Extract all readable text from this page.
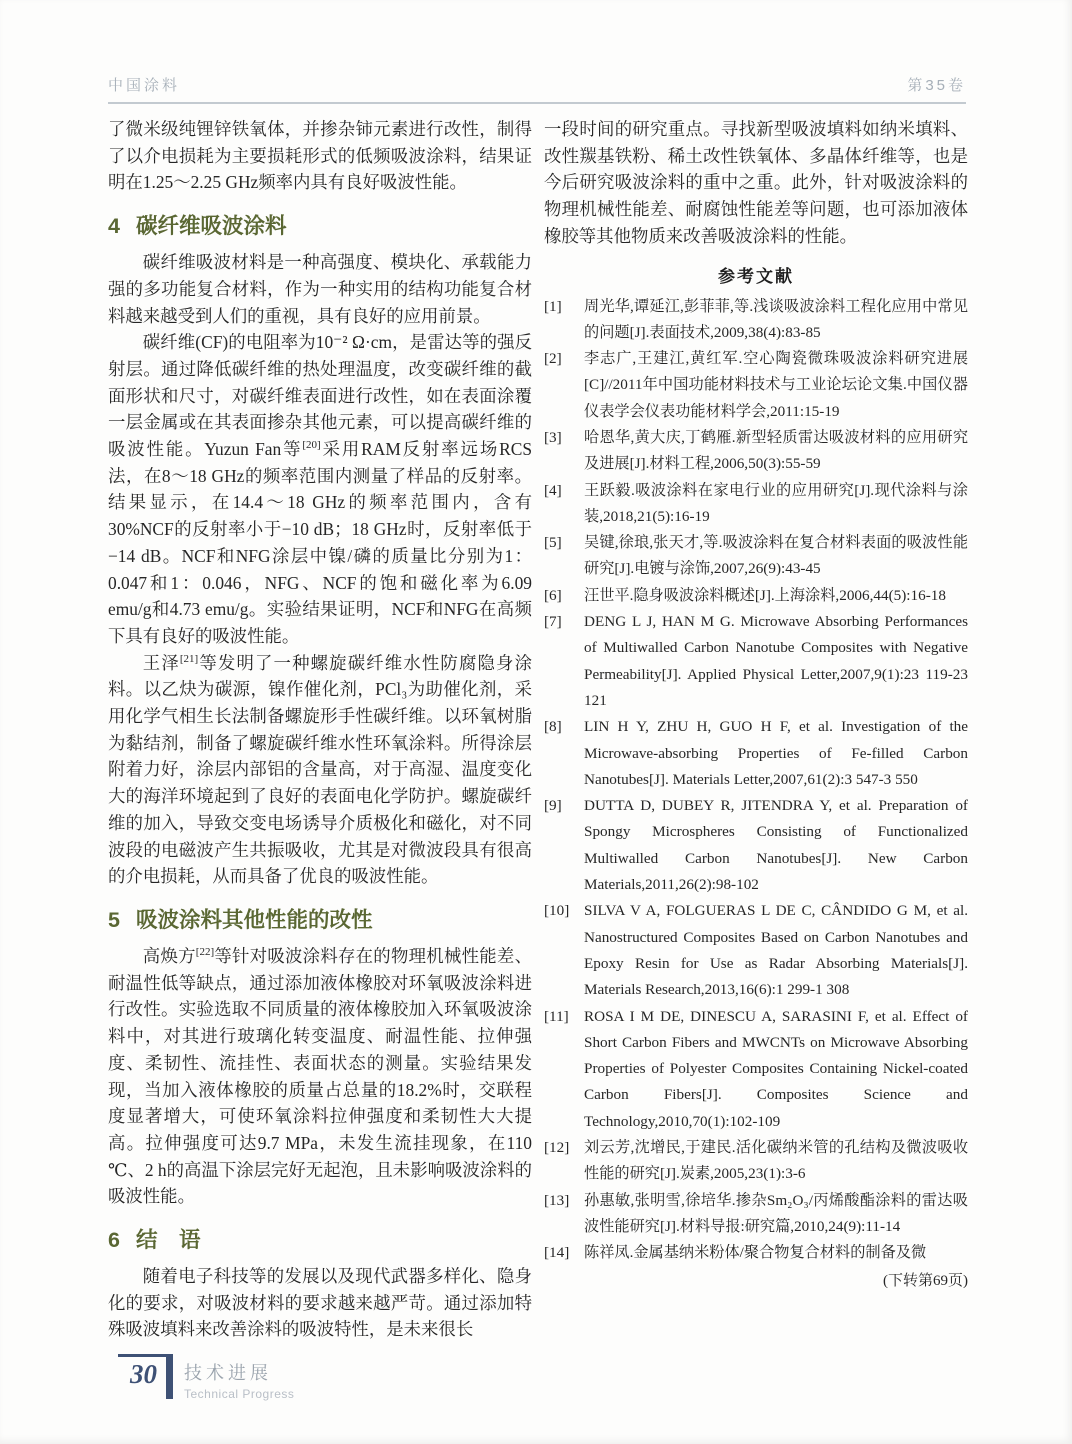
中国涂料	第35卷

了微米级纯锂锌铁氧体，并掺杂铈元素进行改性，制得了以介电损耗为主要损耗形式的低频吸波涂料，结果证明在1.25～2.25 GHz频率内具有良好吸波性能。

4 碳纤维吸波涂料

碳纤维吸波材料是一种高强度、模块化、承载能力强的多功能复合材料，作为一种实用的结构功能复合材料越来越受到人们的重视，具有良好的应用前景。

碳纤维(CF)的电阻率为10⁻² Ω·cm，是雷达等的强反射层。通过降低碳纤维的热处理温度，改变碳纤维的截面形状和尺寸，对碳纤维表面进行改性，如在表面涂覆一层金属或在其表面掺杂其他元素，可以提高碳纤维的吸波性能。Yuzun Fan等[20]采用RAM反射率远场RCS法，在8～18 GHz的频率范围内测量了样品的反射率。结果显示，在14.4～18 GHz的频率范围内，含有30%NCF的反射率小于−10 dB；18 GHz时，反射率低于−14 dB。NCF和NFG涂层中镍/磷的质量比分别为1：0.047和1：0.046，NFG、NCF的饱和磁化率为6.09 emu/g和4.73 emu/g。实验结果证明，NCF和NFG在高频下具有良好的吸波性能。

王泽[21]等发明了一种螺旋碳纤维水性防腐隐身涂料。以乙炔为碳源，镍作催化剂，PCl₃为助催化剂，采用化学气相生长法制备螺旋形手性碳纤维。以环氧树脂为黏结剂，制备了螺旋碳纤维水性环氧涂料。所得涂层附着力好，涂层内部铝的含量高，对于高湿、温度变化大的海洋环境起到了良好的表面电化学防护。螺旋碳纤维的加入，导致交变电场诱导介质极化和磁化，对不同波段的电磁波产生共振吸收，尤其是对微波段具有很高的介电损耗，从而具备了优良的吸波性能。

5 吸波涂料其他性能的改性

高焕方[22]等针对吸波涂料存在的物理机械性能差、耐温性低等缺点，通过添加液体橡胶对环氧吸波涂料进行改性。实验选取不同质量的液体橡胶加入环氧吸波涂料中，对其进行玻璃化转变温度、耐温性能、拉伸强度、柔韧性、流挂性、表面状态的测量。实验结果发现，当加入液体橡胶的质量占总量的18.2%时，交联程度显著增大，可使环氧涂料拉伸强度和柔韧性大大提高。拉伸强度可达9.7 MPa，未发生流挂现象，在110 ℃、2 h的高温下涂层完好无起泡，且未影响吸波涂料的吸波性能。

6 结　语

随着电子科技等的发展以及现代武器多样化、隐身化的要求，对吸波材料的要求越来越严苛。通过添加特殊吸波填料来改善涂料的吸波特性，是未来很长

一段时间的研究重点。寻找新型吸波填料如纳米填料、改性羰基铁粉、稀土改性铁氧体、多晶体纤维等，也是今后研究吸波涂料的重中之重。此外，针对吸波涂料的物理机械性能差、耐腐蚀性能差等问题，也可添加液体橡胶等其他物质来改善吸波涂料的性能。

参考文献
[1]	周光华,谭延江,彭菲菲,等.浅谈吸波涂料工程化应用中常见的问题[J].表面技术,2009,38(4):83-85
[2]	李志广,王建江,黄红军.空心陶瓷微珠吸波涂料研究进展[C]//2011年中国功能材料技术与工业论坛论文集.中国仪器仪表学会仪表功能材料学会,2011:15-19
[3]	哈恩华,黄大庆,丁鹤雁.新型轻质雷达吸波材料的应用研究及进展[J].材料工程,2006,50(3):55-59
[4]	王跃毅.吸波涂料在家电行业的应用研究[J].现代涂料与涂装,2018,21(5):16-19
[5]	吴键,徐琅,张天才,等.吸波涂料在复合材料表面的吸波性能研究[J].电镀与涂饰,2007,26(9):43-45
[6]	汪世平.隐身吸波涂料概述[J].上海涂料,2006,44(5):16-18
[7]	DENG L J, HAN M G. Microwave Absorbing Performances of Multiwalled Carbon Nanotube Composites with Negative Permeability[J]. Applied Physical Letter,2007,9(1):23 119-23 121
[8]	LIN H Y, ZHU H, GUO H F, et al. Investigation of the Microwave-absorbing Properties of Fe-filled Carbon Nanotubes[J]. Materials Letter,2007,61(2):3 547-3 550
[9]	DUTTA D, DUBEY R, JITENDRA Y, et al. Preparation of Spongy Microspheres Consisting of Functionalized Multiwalled Carbon Nanotubes[J]. New Carbon Materials,2011,26(2):98-102
[10] SILVA V A, FOLGUERAS L DE C, CÂNDIDO G M, et al. Nanostructured Composites Based on Carbon Nanotubes and Epoxy Resin for Use as Radar Absorbing Materials[J]. Materials Research,2013,16(6):1 299-1 308
[11]	ROSA I M DE, DINESCU A, SARASINI F, et al. Effect of Short Carbon Fibers and MWCNTs on Microwave Absorbing Properties of Polyester Composites Containing Nickel-coated Carbon Fibers[J]. Composites Science and Technology,2010,70(1):102-109
[12] 刘云芳,沈增民,于建民.活化碳纳米管的孔结构及微波吸收性能的研究[J].炭素,2005,23(1):3-6
[13] 孙惠敏,张明雪,徐培华.掺杂Sm₂O₃/丙烯酸酯涂料的雷达吸波性能研究[J].材料导报:研究篇,2010,24(9):11-14
[14] 陈祥凤.金属基纳米粉体/聚合物复合材料的制备及微
(下转第69页)
30 技术进展
Technical Progress
